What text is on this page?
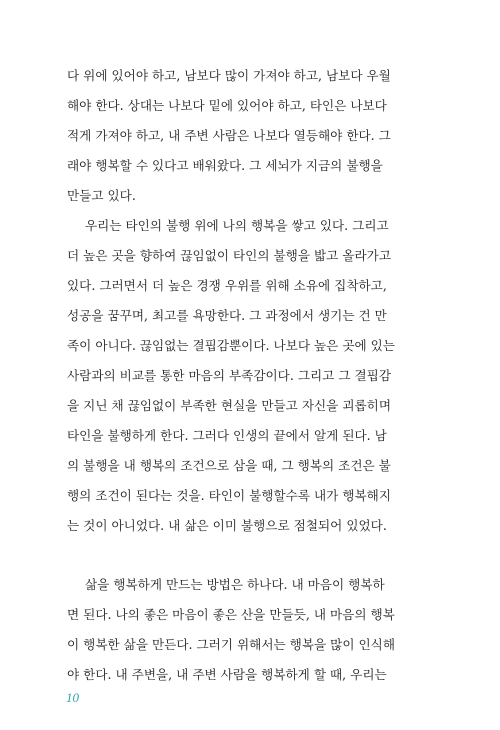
다 위에 있어야 하고, 남보다 많이 가져야 하고, 남보다 우월
해야 한다. 상대는 나보다 밑에 있어야 하고, 타인은 나보다
적게 가져야 하고, 내 주변 사람은 나보다 열등해야 한다. 그
래야 행복할 수 있다고 배워왔다. 그 세뇌가 지금의 불행을
만들고 있다.
우리는 타인의 불행 위에 나의 행복을 쌓고 있다. 그리고
더 높은 곳을 향하여 끊임없이 타인의 불행을 밟고 올라가고
있다. 그러면서 더 높은 경쟁 우위를 위해 소유에 집착하고,
성공을 꿈꾸며, 최고를 욕망한다. 그 과정에서 생기는 건 만
족이 아니다. 끊임없는 결핍감뿐이다. 나보다 높은 곳에 있는
사람과의 비교를 통한 마음의 부족감이다. 그리고 그 결핍감
을 지닌 채 끊임없이 부족한 현실을 만들고 자신을 괴롭히며
타인을 불행하게 한다. 그러다 인생의 끝에서 알게 된다. 남
의 불행을 내 행복의 조건으로 삼을 때, 그 행복의 조건은 불
행의 조건이 된다는 것을. 타인이 불행할수록 내가 행복해지
는 것이 아니었다. 내 삶은 이미 불행으로 점철되어 있었다.
삶을 행복하게 만드는 방법은 하나다. 내 마음이 행복하
면 된다. 나의 좋은 마음이 좋은 산을 만들듯, 내 마음의 행복
이 행복한 삶을 만든다. 그러기 위해서는 행복을 많이 인식해
야 한다. 내 주변을, 내 주변 사람을 행복하게 할 때, 우리는
10
